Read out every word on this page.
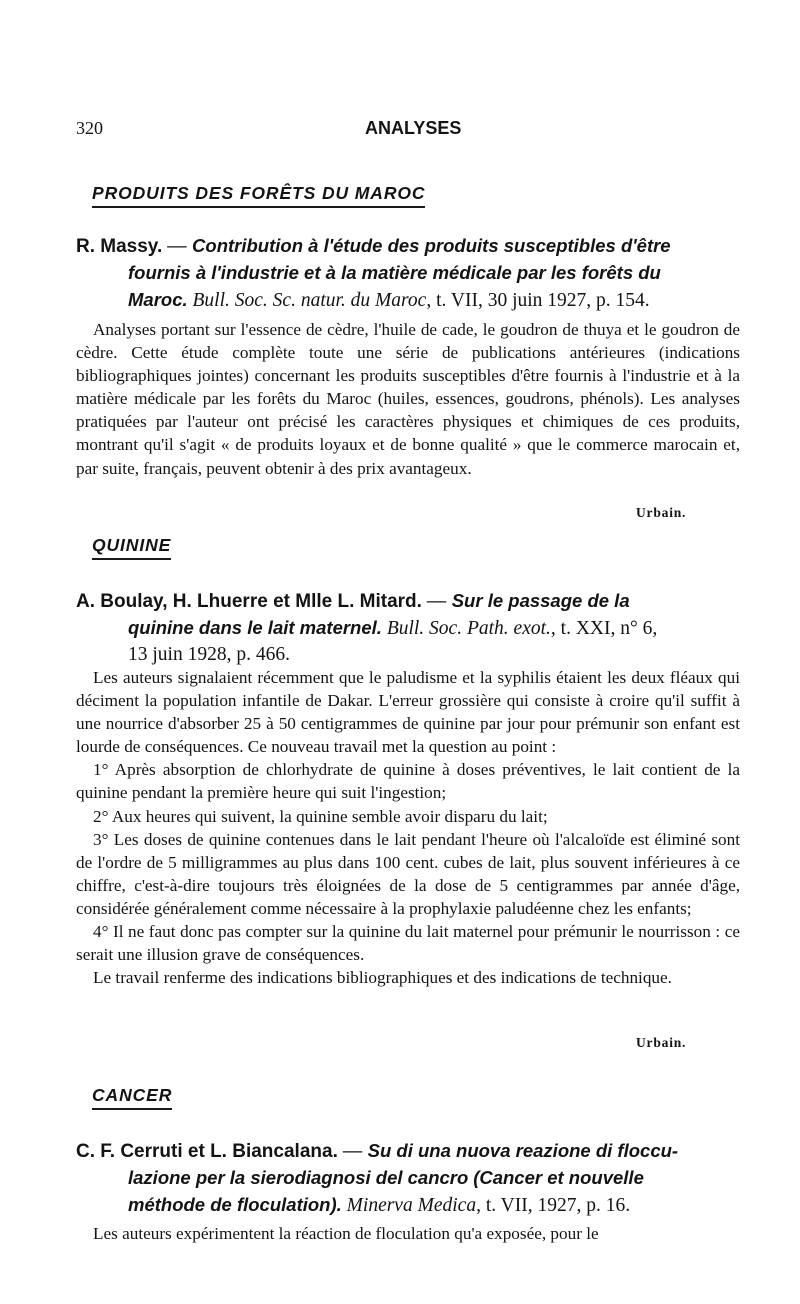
320	ANALYSES
PRODUITS DES FORÊTS DU MAROC
R. Massy. — Contribution à l'étude des produits susceptibles d'être
fournis à l'industrie et à la matière médicale par les forêts du
Maroc. Bull. Soc. Sc. natur. du Maroc, t. VII, 30 juin 1927, p. 154.

Analyses portant sur l'essence de cèdre, l'huile de cade, le goudron de thuya et le goudron de cèdre. Cette étude complète toute une série de publications antérieures (indications bibliographiques jointes) concernant les produits susceptibles d'être fournis à l'industrie et à la matière médicale par les forêts du Maroc (huiles, essences, goudrons, phénols). Les analyses pratiquées par l'auteur ont précisé les caractères physiques et chimiques de ces produits, montrant qu'il s'agit « de produits loyaux et de bonne qualité » que le commerce marocain et, par suite, français, peuvent obtenir à des prix avantageux.

Urbain.
QUININE
A. Boulay, H. Lhuerre et Mlle L. Mitard. — Sur le passage de la
quinine dans le lait maternel. Bull. Soc. Path. exot., t. XXI, n° 6,
13 juin 1928, p. 466.

Les auteurs signalaient récemment que le paludisme et la syphilis étaient les deux fléaux qui déciment la population infantile de Dakar. L'erreur grossière qui consiste à croire qu'il suffit à une nourrice d'absorber 25 à 50 centigrammes de quinine par jour pour prémunir son enfant est lourde de conséquences. Ce nouveau travail met la question au point :

1° Après absorption de chlorhydrate de quinine à doses préventives, le lait contient de la quinine pendant la première heure qui suit l'ingestion;

2° Aux heures qui suivent, la quinine semble avoir disparu du lait;

3° Les doses de quinine contenues dans le lait pendant l'heure où l'alcaloïde est éliminé sont de l'ordre de 5 milligrammes au plus dans 100 cent. cubes de lait, plus souvent inférieures à ce chiffre, c'est-à-dire toujours très éloignées de la dose de 5 centigrammes par année d'âge, considérée généralement comme nécessaire à la prophylaxie paludéenne chez les enfants;

4° Il ne faut donc pas compter sur la quinine du lait maternel pour prémunir le nourrisson : ce serait une illusion grave de conséquences.

Le travail renferme des indications bibliographiques et des indications de technique.

Urbain.
CANCER
C. F. Cerruti et L. Biancalana. — Su di una nuova reazione di floccu-
lazione per la sierodiagnosi del cancro (Cancer et nouvelle
méthode de floculation). Minerva Medica, t. VII, 1927, p. 16.

Les auteurs expérimentent la réaction de floculation qu'a exposée, pour le
